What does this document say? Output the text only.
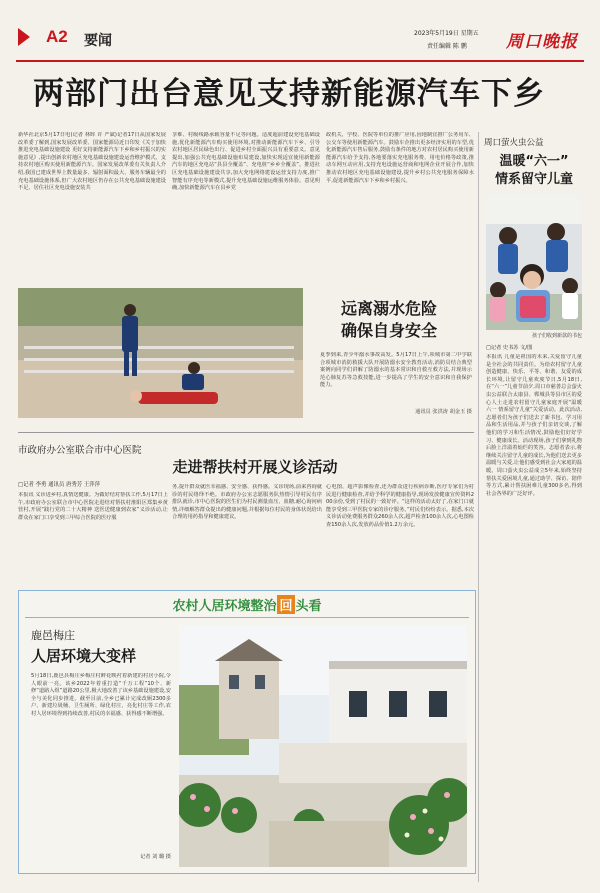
A2 要闻	2023年5月19日 星期五
责任编辑 陈 鹏 周口晚报
两部门出台意见支持新能源汽车下乡
新华社北京5月17日电(记者 林晖 许 严斌)记者17日从国家发展改革委了解到,国家发展改革委、国家能源局近日印发《关于加快推进充电基础设施建设 更好支持新能源汽车下乡和乡村振兴的实施意见》,提出创新农村地区充电基础设施建设运营维护模式、支持农村地区购买使用新能源汽车。国家发展改革委有关负责人介绍,我国已建成世界上数量最多、辐射面积最大、服务车辆最全的充电基础设施体系,但广大农村地区仍存在公共充电基础设施建设不足、居住社区充电设施安装共
享难、村级线路承载容量不足等问题。适度超前建设充电基础设施,优化新能源汽车购买使用环境,对推动新能源汽车下乡、引导农村地区居民绿色出行、促进乡村全面振兴具有重要意义。意见提出,加强公共充电基础设施布局建设,加快实现适宜使用新能源汽车的地区充电站“县县全覆盖”、充电桩“乡乡全覆盖”。推进社区充电基础设施建设共享,加大充电网络建设运营支持力度,推广智能有序充电等新模式,提升充电基础设施运维服务体验。意见明确,加快新能源汽车在县乡党
政机关、学校、医院等单位的推广应用,因地制宜推广公务用车、公交车等使用新能源汽车。鼓励车企推出更多经济实用的车型,优化新能源汽车售后服务,鼓励有条件的地方对农村居民购买使用新能源汽车给予支持,各地要落实充电服务费、用电价格等政策,推动车网互动应用,支持充电设施运营商和电网企业开展合作,加快推动农村地区充电基础设施建设,提升乡村公共充电服务保障水平,促进新能源汽车下乡和乡村振兴。
周口萤火虫公益
温暖“六一”
情系留守儿童
孩子们收到新款的书包
□记者 史书苏 文/图
本报讯 儿童是祖国的未来,关爱留守儿童是全社会的共同责任。为给农村留守儿童创造健康、快乐、平等、和谐、友爱的成长环境,让留守儿童欢度节日,5月18日,在“六一”儿童节前夕,周口市慈善总会萤火虫公益联合太康县、郸城县等县市区的爱心人士走进农村留守儿童家庭开展“温暖六一 情系留守儿童”关爱活动。此次活动,志愿者们为孩子们送去了新书包、学习用品和生活用品,并与孩子们亲切交谈,了解他们的学习和生活情况,鼓励他们好好学习、健康成长。活动现场,孩子们拿到礼物后脸上洋溢着灿烂的笑容。志愿者表示,将继续关注留守儿童的成长,为他们送去更多温暖与关爱,让他们感受到社会大家庭的温暖。周口萤火虫公益成立5年来,始终坚持帮扶关爱困境儿童,通过助学、探访、陪伴等方式,累计帮扶困难儿童300多名,得到社会各界的广泛好评。
远离溺水危险
确保自身安全
夏季到来,青少年溺水事故高发。5月17日上午,项城市第二中学联合项城市消防救援大队开展防溺水安全教育活动,消防员结合典型案例向同学们讲解了防溺水的基本常识和自救互救方法,并现场示范心肺复苏等急救技能,进一步提高了学生的安全意识和自我保护能力。
通讯员 张洪涛 胡金玉 摄
市政府办公室联合市中心医院
走进帮扶村开展义诊活动
□记者 李勇 通讯员 唐秀芳 王萍萍
本报讯 义诊进乡村,真情送健康。为做好结对帮扶工作,5月17日上午,市政府办公室联合市中心医院走进结对帮扶村淮阳区郑集乡黄营村,开展“践行党的二十大精神 送医送健康到农家”义诊活动,让群众在家门口享受到三甲综合医院的医疗服
务,提升群众就医幸福感、安全感、获得感。义诊现场,前来咨询就诊的村民络绎不绝。市政府办公室志愿服务队热情引导村民有序排队就诊,市中心医院的医生们为村民测量血压、血糖,耐心询问病情,详细解答群众提出的健康问题,并根据每位村民的身体状况给出合理的用药指导和健康建议。
心电图、超声影像检查,还为群众进行疾病诊断,医疗专家们为村民进行健康检查,并给予科学的健康指导,现场发放健康宣传资料200余份,受到了村民的一致好评。“这样的活动太好了,在家门口就能享受到三甲医院专家的诊疗服务。”村民们纷纷表示。据悉,本次义诊活动免费服务群众260余人次,超声检查100余人次,心电图检查150余人次,发放药品价值1.2万余元。
农村人居环境整治 回 头看
鹿邑梅庄
人居环境大变样
5月18日,鹿邑县梅庄乡梅庄村鲜花映衬着新建的村居小院,令人眼前一亮。该乡2022年着重打造“千万工程”10个、新修“道路入组”道路20公里,极大地改善了该乡基础设施建设,安全与美化同步推进。截至目前,全乡已累计完成改厕2300多户、新建垃圾桶、卫生厕所、绿化村庄、亮化村庄等工作,农村人居环境得到持续改善,村民的幸福感、获得感不断增强。
记者 刘 璐 摄
